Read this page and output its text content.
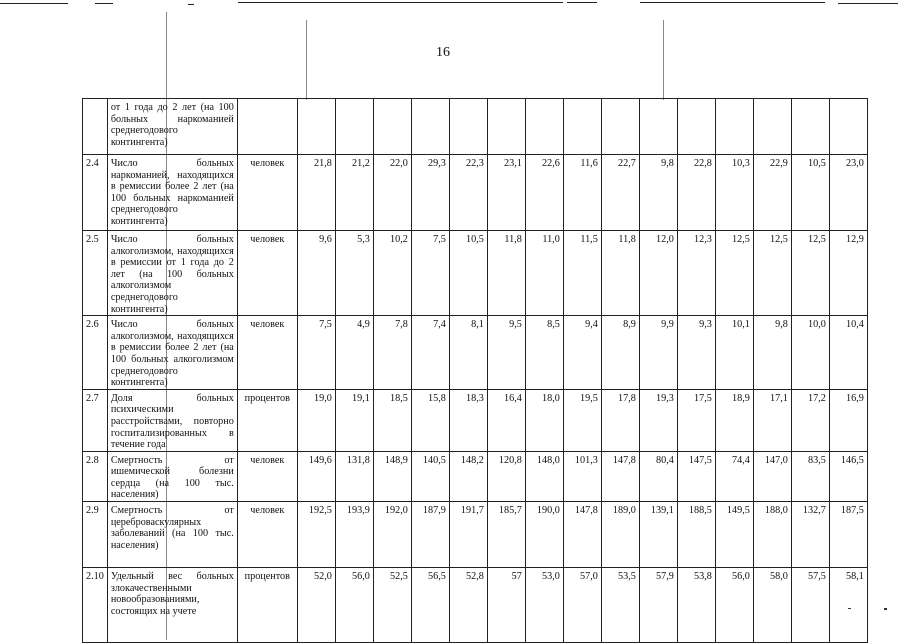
16
	от 1 года до 2 лет (на 100 больных наркоманией среднегодового контингента)																
2.4	Число больных наркоманией, находящихся в ремиссии более 2 лет (на 100 больных наркоманией среднегодового контингента)	человек	21,8	21,2	22,0	29,3	22,3	23,1	22,6	11,6	22,7	9,8	22,8	10,3	22,9	10,5	23,0
2.5	Число больных алкоголизмом, находящихся в ремиссии от 1 года до 2 лет (на 100 больных алкоголизмом среднегодового контингента)	человек	9,6	5,3	10,2	7,5	10,5	11,8	11,0	11,5	11,8	12,0	12,3	12,5	12,5	12,5	12,9
2.6	Число больных алкоголизмом, находящихся в ремиссии более 2 лет (на 100 больных алкоголизмом среднегодового контингента)	человек	7,5	4,9	7,8	7,4	8,1	9,5	8,5	9,4	8,9	9,9	9,3	10,1	9,8	10,0	10,4
2.7	Доля больных психическими расстройствами, повторно госпитализированных в течение года	процентов	19,0	19,1	18,5	15,8	18,3	16,4	18,0	19,5	17,8	19,3	17,5	18,9	17,1	17,2	16,9
2.8	Смертность от ишемической болезни сердца (на 100 тыс. населения)	человек	149,6	131,8	148,9	140,5	148,2	120,8	148,0	101,3	147,8	80,4	147,5	74,4	147,0	83,5	146,5
2.9	Смертность от цереброваскулярных заболеваний (на 100 тыс. населения)	человек	192,5	193,9	192,0	187,9	191,7	185,7	190,0	147,8	189,0	139,1	188,5	149,5	188,0	132,7	187,5
2.10	Удельный вес больных злокачественными новообразованиями, состоящих на учете	процентов	52,0	56,0	52,5	56,5	52,8	57	53,0	57,0	53,5	57,9	53,8	56,0	58,0	57,5	58,1
